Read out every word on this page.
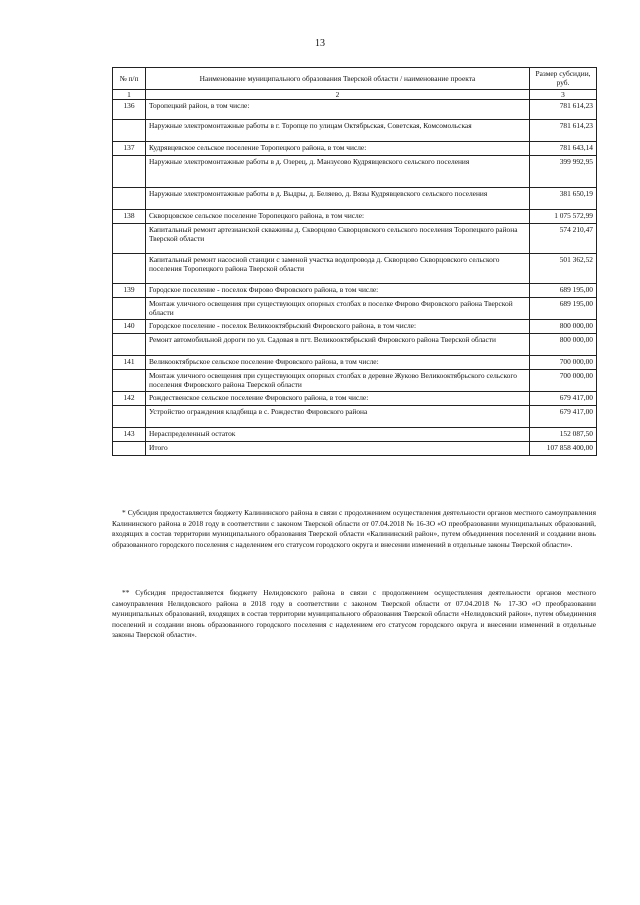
13
№ п/п	Наименование муниципального образования Тверской области / наименование проекта	Размер субсидии, руб.
1	2	3
136	Торопецкий район, в том числе:	781 614,23
	Наружные электромонтажные работы в г. Торопце по улицам Октябрьская, Советская, Комсомольская	781 614,23
137	Кудрявцевское сельское поселение Торопецкого района, в том числе:	781 643,14
	Наружные электромонтажные работы в д. Озерец, д. Манзуєово Кудрявцевского сельского поселения	399 992,95
	Наружные электромонтажные работы в д. Выдры, д. Беляево, д. Вязы Кудрявцевского сельского поселения	381 650,19
138	Скворцовское сельское поселение Торопецкого района, в том числе:	1 075 572,99
	Капитальный ремонт артезианской скважины д. Скворцово Скворцовского сельского поселения Торопецкого района Тверской области	574 210,47
	Капитальный ремонт насосной станции с заменой участка водопровода д. Скворцово Скворцовского сельского поселения Торопецкого района Тверской области	501 362,52
139	Городское поселение - поселок Фирово Фировского района, в том числе:	689 195,00
	Монтаж уличного освещения при существующих опорных столбах в поселке Фирово Фировского района Тверской области	689 195,00
140	Городское поселение - поселок Великооктябрьский Фировского района, в том числе:	800 000,00
	Ремонт автомобильной дороги по ул. Садовая в пгт. Великооктябрьский Фировского района Тверской области	800 000,00
141	Великооктябрьское сельское поселение Фировского района, в том числе:	700 000,00
	Монтаж уличного освещения при существующих опорных столбах в деревне Жуково Великооктябрьского сельского поселения Фировского района Тверской области	700 000,00
142	Рождественское сельское поселение Фировского района, в том числе:	679 417,00
	Устройство ограждения кладбища в с. Рождество Фировского района	679 417,00
143	Нераспределенный остаток	152 087,50
	Итого	107 858 400,00

* Субсидия предоставляется бюджету Калининского района в связи с продолжением осуществления деятельности органов местного самоуправления Калининского района в 2018 году в соответствии с законом Тверской области от 07.04.2018 № 16-ЗО «О преобразовании муниципальных образований, входящих в состав территории муниципального образования Тверской области «Калининский район», путем объединения поселений и создании вновь образованного городского поселения с наделением его статусом городского округа и внесении изменений в отдельные законы Тверской области».

** Субсидия предоставляется бюджету Нелидовского района в связи с продолжением осуществления деятельности органов местного самоуправления Нелидовского района в 2018 году в соответствии с законом Тверской области от 07.04.2018 № 17-ЗО «О преобразовании муниципальных образований, входящих в состав территории муниципального образования Тверской области «Нелидовский район», путем объединения поселений и создании вновь образованного городского поселения с наделением его статусом городского округа и внесении изменений в отдельные законы Тверской области».
